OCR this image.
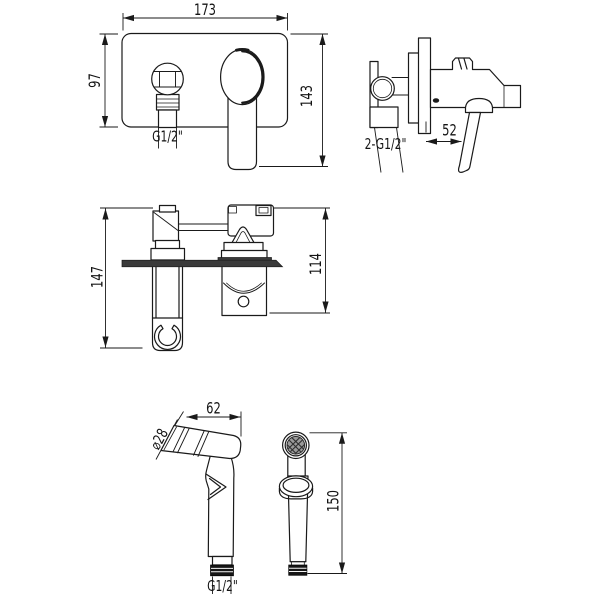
173
97
143
G1/2"	52
2-G1/2"
147
114
62
⌀28
G1/2"
150
